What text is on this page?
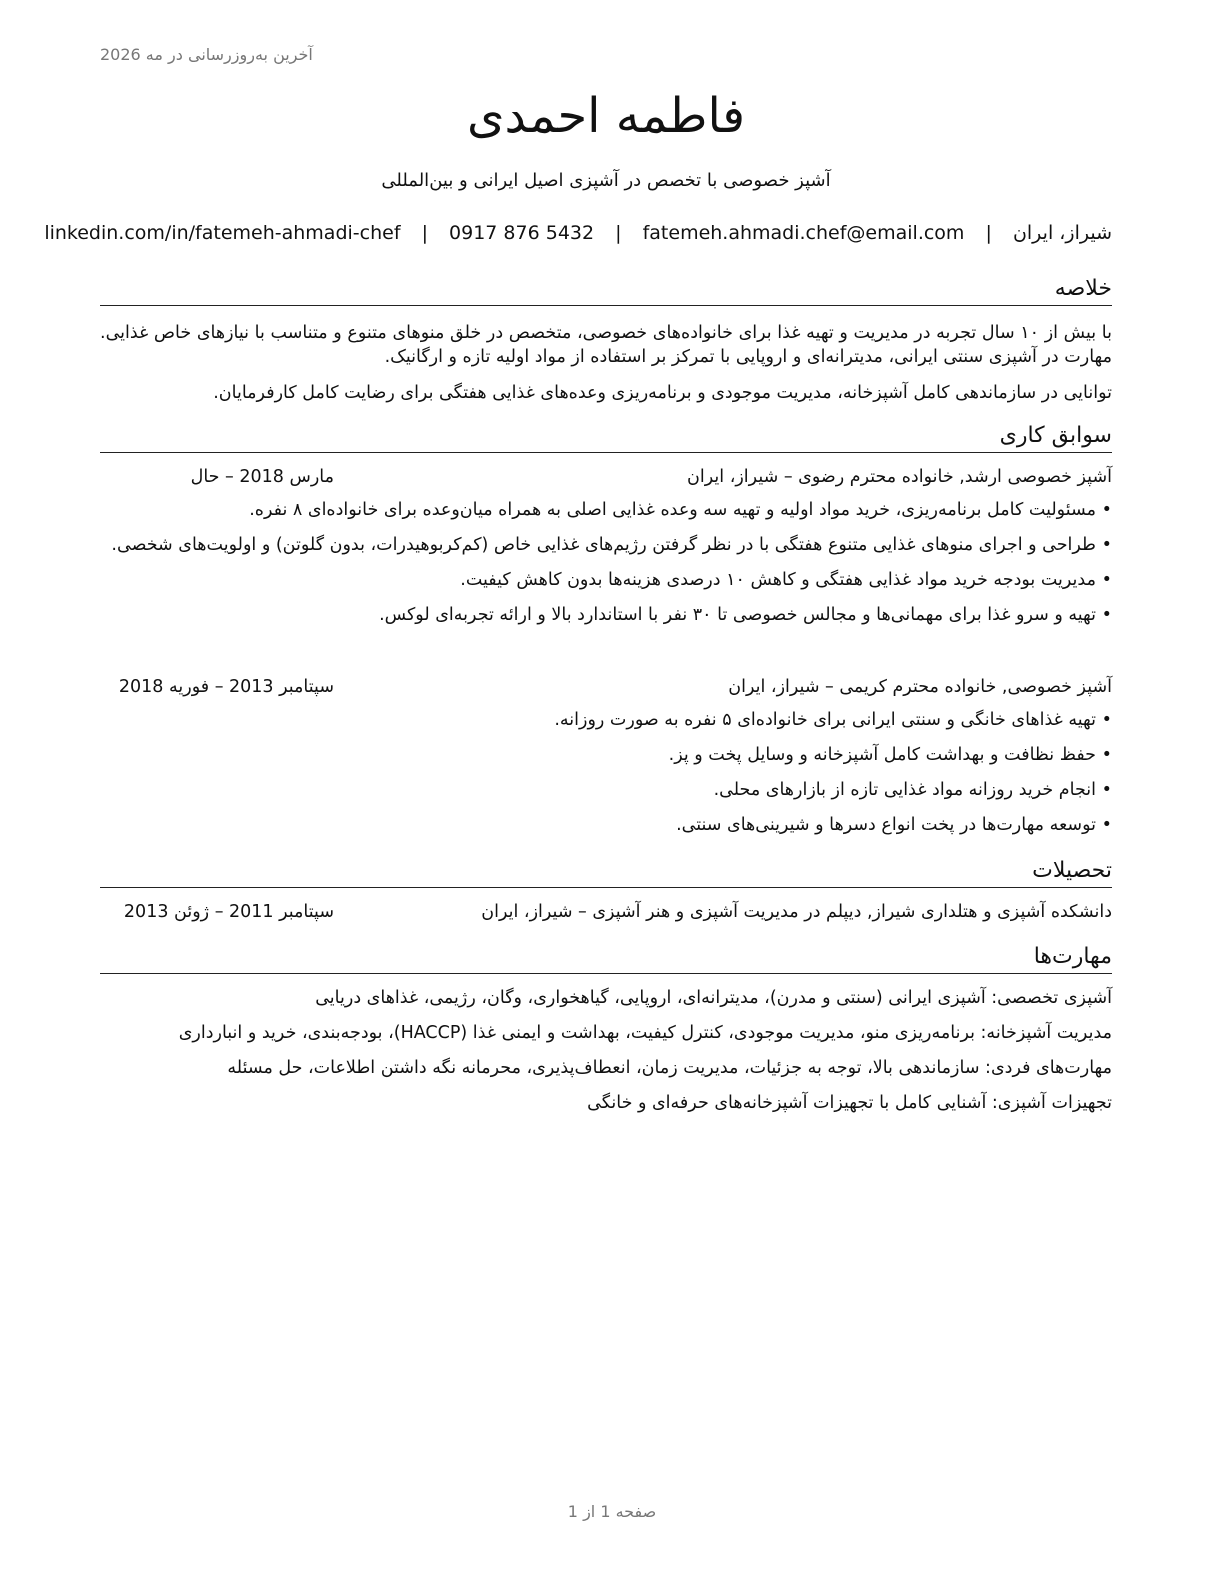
آخرین به‌روزرسانی در مه 2026
فاطمه احمدی
آشپز خصوصی با تخصص در آشپزی اصیل ایرانی و بین‌المللی
شیراز، ایران | fatemeh.ahmadi.chef@email.com | 0917 876 5432 | linkedin.com/in/fatemeh-ahmadi-chef
خلاصه
با بیش از ۱۰ سال تجربه در مدیریت و تهیه غذا برای خانواده‌های خصوصی، متخصص در خلق منوهای متنوع و متناسب با نیازهای خاص غذایی. مهارت در آشپزی سنتی ایرانی، مدیترانه‌ای و اروپایی با تمرکز بر استفاده از مواد اولیه تازه و ارگانیک.
توانایی در سازماندهی کامل آشپزخانه، مدیریت موجودی و برنامه‌ریزی وعده‌های غذایی هفتگی برای رضایت کامل کارفرمایان.
سوابق کاری
آشپز خصوصی ارشد, خانواده محترم رضوی – شیراز، ایران
مارس 2018 – حال
• مسئولیت کامل برنامه‌ریزی، خرید مواد اولیه و تهیه سه وعده غذایی اصلی به همراه میان‌وعده برای خانواده‌ای ۸ نفره.
• طراحی و اجرای منوهای غذایی متنوع هفتگی با در نظر گرفتن رژیم‌های غذایی خاص (کم‌کربوهیدرات، بدون گلوتن) و اولویت‌های شخصی.
• مدیریت بودجه خرید مواد غذایی هفتگی و کاهش ۱۰ درصدی هزینه‌ها بدون کاهش کیفیت.
• تهیه و سرو غذا برای مهمانی‌ها و مجالس خصوصی تا ۳۰ نفر با استاندارد بالا و ارائه تجربه‌ای لوکس.
آشپز خصوصی, خانواده محترم کریمی – شیراز، ایران
سپتامبر 2013 – فوریه 2018
• تهیه غذاهای خانگی و سنتی ایرانی برای خانواده‌ای ۵ نفره به صورت روزانه.
• حفظ نظافت و بهداشت کامل آشپزخانه و وسایل پخت و پز.
• انجام خرید روزانه مواد غذایی تازه از بازارهای محلی.
• توسعه مهارت‌ها در پخت انواع دسرها و شیرینی‌های سنتی.
تحصیلات
دانشکده آشپزی و هتلداری شیراز, دیپلم در مدیریت آشپزی و هنر آشپزی – شیراز، ایران
سپتامبر 2011 – ژوئن 2013
مهارت‌ها
آشپزی تخصصی: آشپزی ایرانی (سنتی و مدرن)، مدیترانه‌ای، اروپایی، گیاهخواری، وگان، رژیمی، غذاهای دریایی
مدیریت آشپزخانه: برنامه‌ریزی منو، مدیریت موجودی، کنترل کیفیت، بهداشت و ایمنی غذا (HACCP)، بودجه‌بندی، خرید و انبارداری
مهارت‌های فردی: سازماندهی بالا، توجه به جزئیات، مدیریت زمان، انعطاف‌پذیری، محرمانه نگه داشتن اطلاعات، حل مسئله
تجهیزات آشپزی: آشنایی کامل با تجهیزات آشپزخانه‌های حرفه‌ای و خانگی
صفحه 1 از 1
